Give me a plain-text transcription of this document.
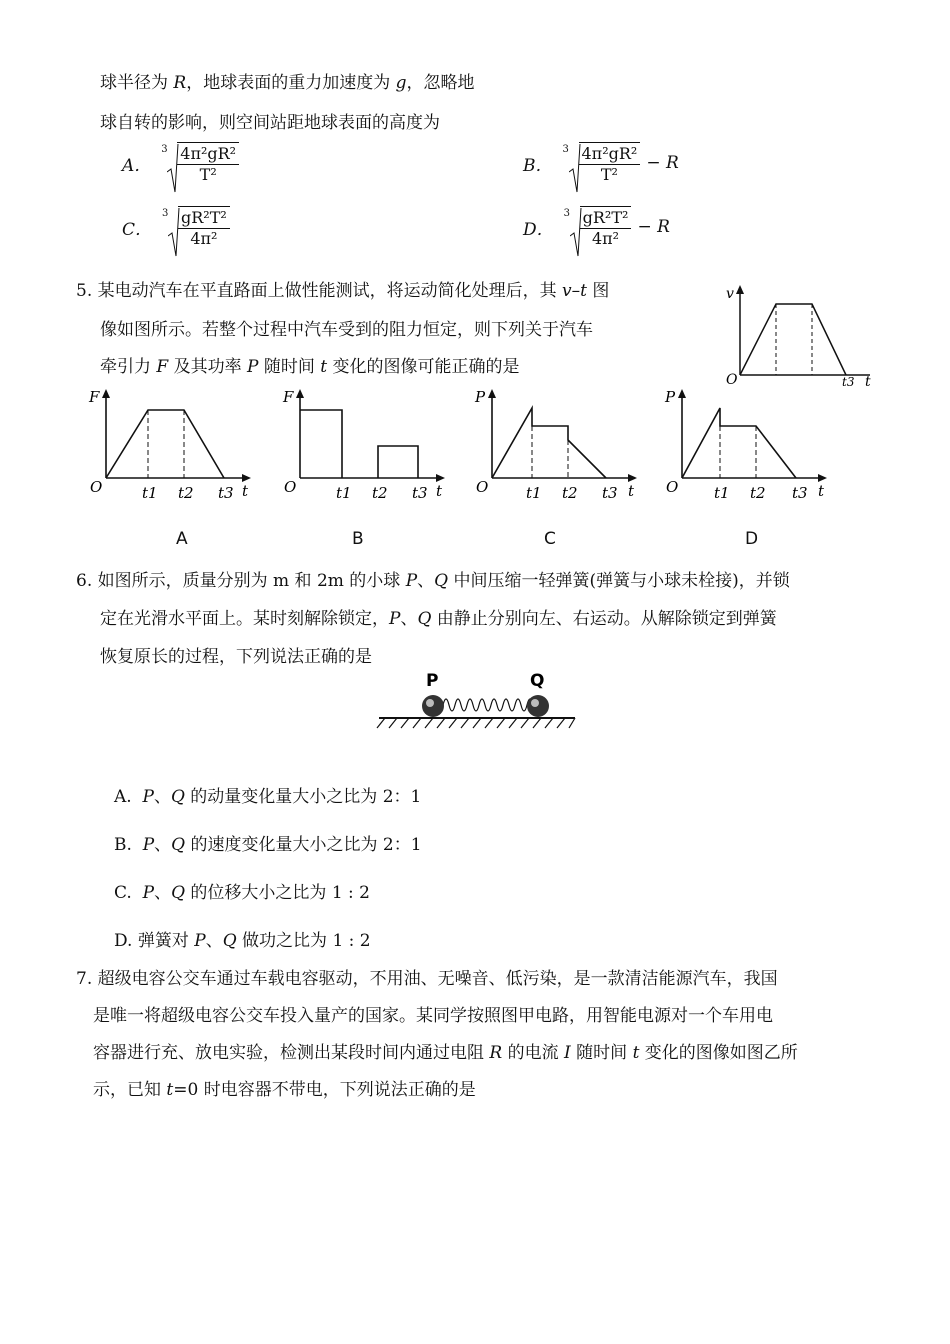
球半径为 R，地球表面的重力加速度为 g，忽略地
球自转的影响，则空间站距地球表面的高度为
A．
$3 \frac{\text{4π²gR²}}{\text{T²}}$	B．
$3 \frac{\text{4π²gR²}}{\text{T²}} - R$
C．
$3 \frac{\text{gR²T²}}{\text{4π²}}$	D．
$3 \frac{\text{gR²T²}}{\text{4π²}} - R$
5. 某电动汽车在平直路面上做性能测试，将运动简化处理后，其 v–t 图
像如图所示。若整个过程中汽车受到的阻力恒定，则下列关于汽车
牵引力 F 及其功率 P 随时间 t 变化的图像可能正确的是
v
O	t3 t
F
O	t1 t2 t3 t
A
F
O	t1 t2 t3 t
B
P
O	t1 t2 t3 t
C
P
O t1 t2 t3 t
D
6. 如图所示，质量分别为 m 和 2m 的小球 P、Q 中间压缩一轻弹簧(弹簧与小球未栓接)，并锁
定在光滑水平面上。某时刻解除锁定，P、Q 由静止分别向左、右运动。从解除锁定到弹簧
恢复原长的过程，下列说法正确的是
P	Q
A. P、Q 的动量变化量大小之比为 2：1
B. P、Q 的速度变化量大小之比为 2：1
C. P、Q 的位移大小之比为 1 : 2
D. 弹簧对 P、Q 做功之比为 1 : 2
7. 超级电容公交车通过车载电容驱动，不用油、无噪音、低污染，是一款清洁能源汽车，我国
是唯一将超级电容公交车投入量产的国家。某同学按照图甲电路，用智能电源对一个车用电
容器进行充、放电实验，检测出某段时间内通过电阻 R 的电流 I 随时间 t 变化的图像如图乙所
示，已知 t=0 时电容器不带电，下列说法正确的是
